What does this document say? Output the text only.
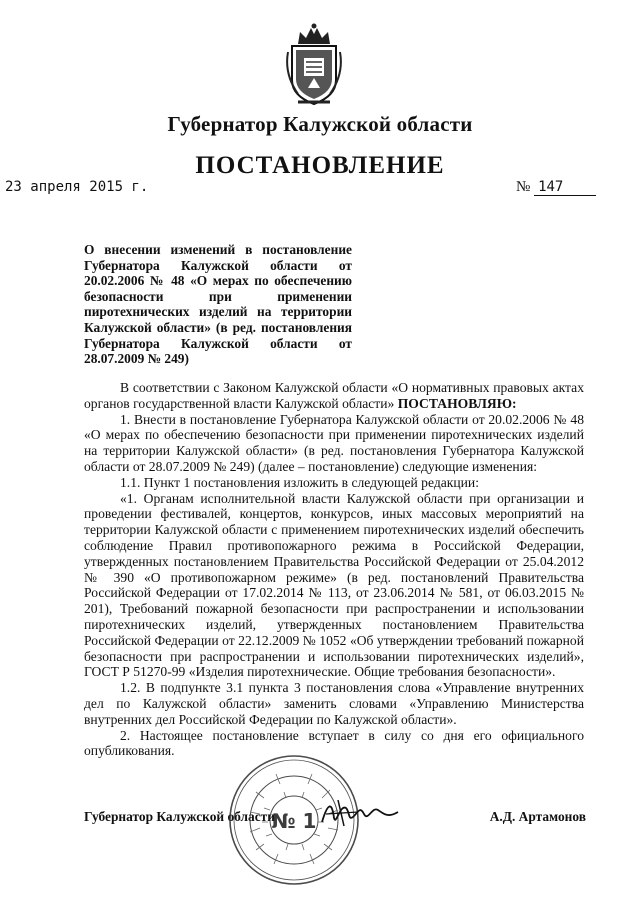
Губернатор Калужской области
ПОСТАНОВЛЕНИЕ
23 апреля 2015 г.	№ 147
О внесении изменений в постановление Губернатора Калужской области от 20.02.2006 № 48 «О мерах по обеспечению безопасности при применении пиротехнических изделий на территории Калужской области» (в ред. постановления Губернатора Калужской области от 28.07.2009 № 249)

В соответствии с Законом Калужской области «О нормативных правовых актах органов государственной власти Калужской области» ПОСТАНОВЛЯЮ:

1. Внести в постановление Губернатора Калужской области от 20.02.2006 № 48 «О мерах по обеспечению безопасности при применении пиротехнических изделий на территории Калужской области» (в ред. постановления Губернатора Калужской области от 28.07.2009 № 249) (далее – постановление) следующие изменения:

1.1. Пункт 1 постановления изложить в следующей редакции:

«1. Органам исполнительной власти Калужской области при организации и проведении фестивалей, концертов, конкурсов, иных массовых мероприятий на территории Калужской области с применением пиротехнических изделий обеспечить соблюдение Правил противопожарного режима в Российской Федерации, утвержденных постановлением Правительства Российской Федерации от 25.04.2012 № 390 «О противопожарном режиме» (в ред. постановлений Правительства Российской Федерации от 17.02.2014 № 113, от 23.06.2014 № 581, от 06.03.2015 № 201), Требований пожарной безопасности при распространении и использовании пиротехнических изделий, утвержденных постановлением Правительства Российской Федерации от 22.12.2009 № 1052 «Об утверждении требований пожарной безопасности при распространении и использовании пиротехнических изделий», ГОСТ Р 51270-99 «Изделия пиротехнические. Общие требования безопасности».

1.2. В подпункте 3.1 пункта 3 постановления слова «Управление внутренних дел по Калужской области» заменить словами «Управлению Министерства внутренних дел Российской Федерации по Калужской области».

2. Настоящее постановление вступает в силу со дня его официального опубликования.

Губернатор Калужской области	А.Д. Артамонов
№ 1
